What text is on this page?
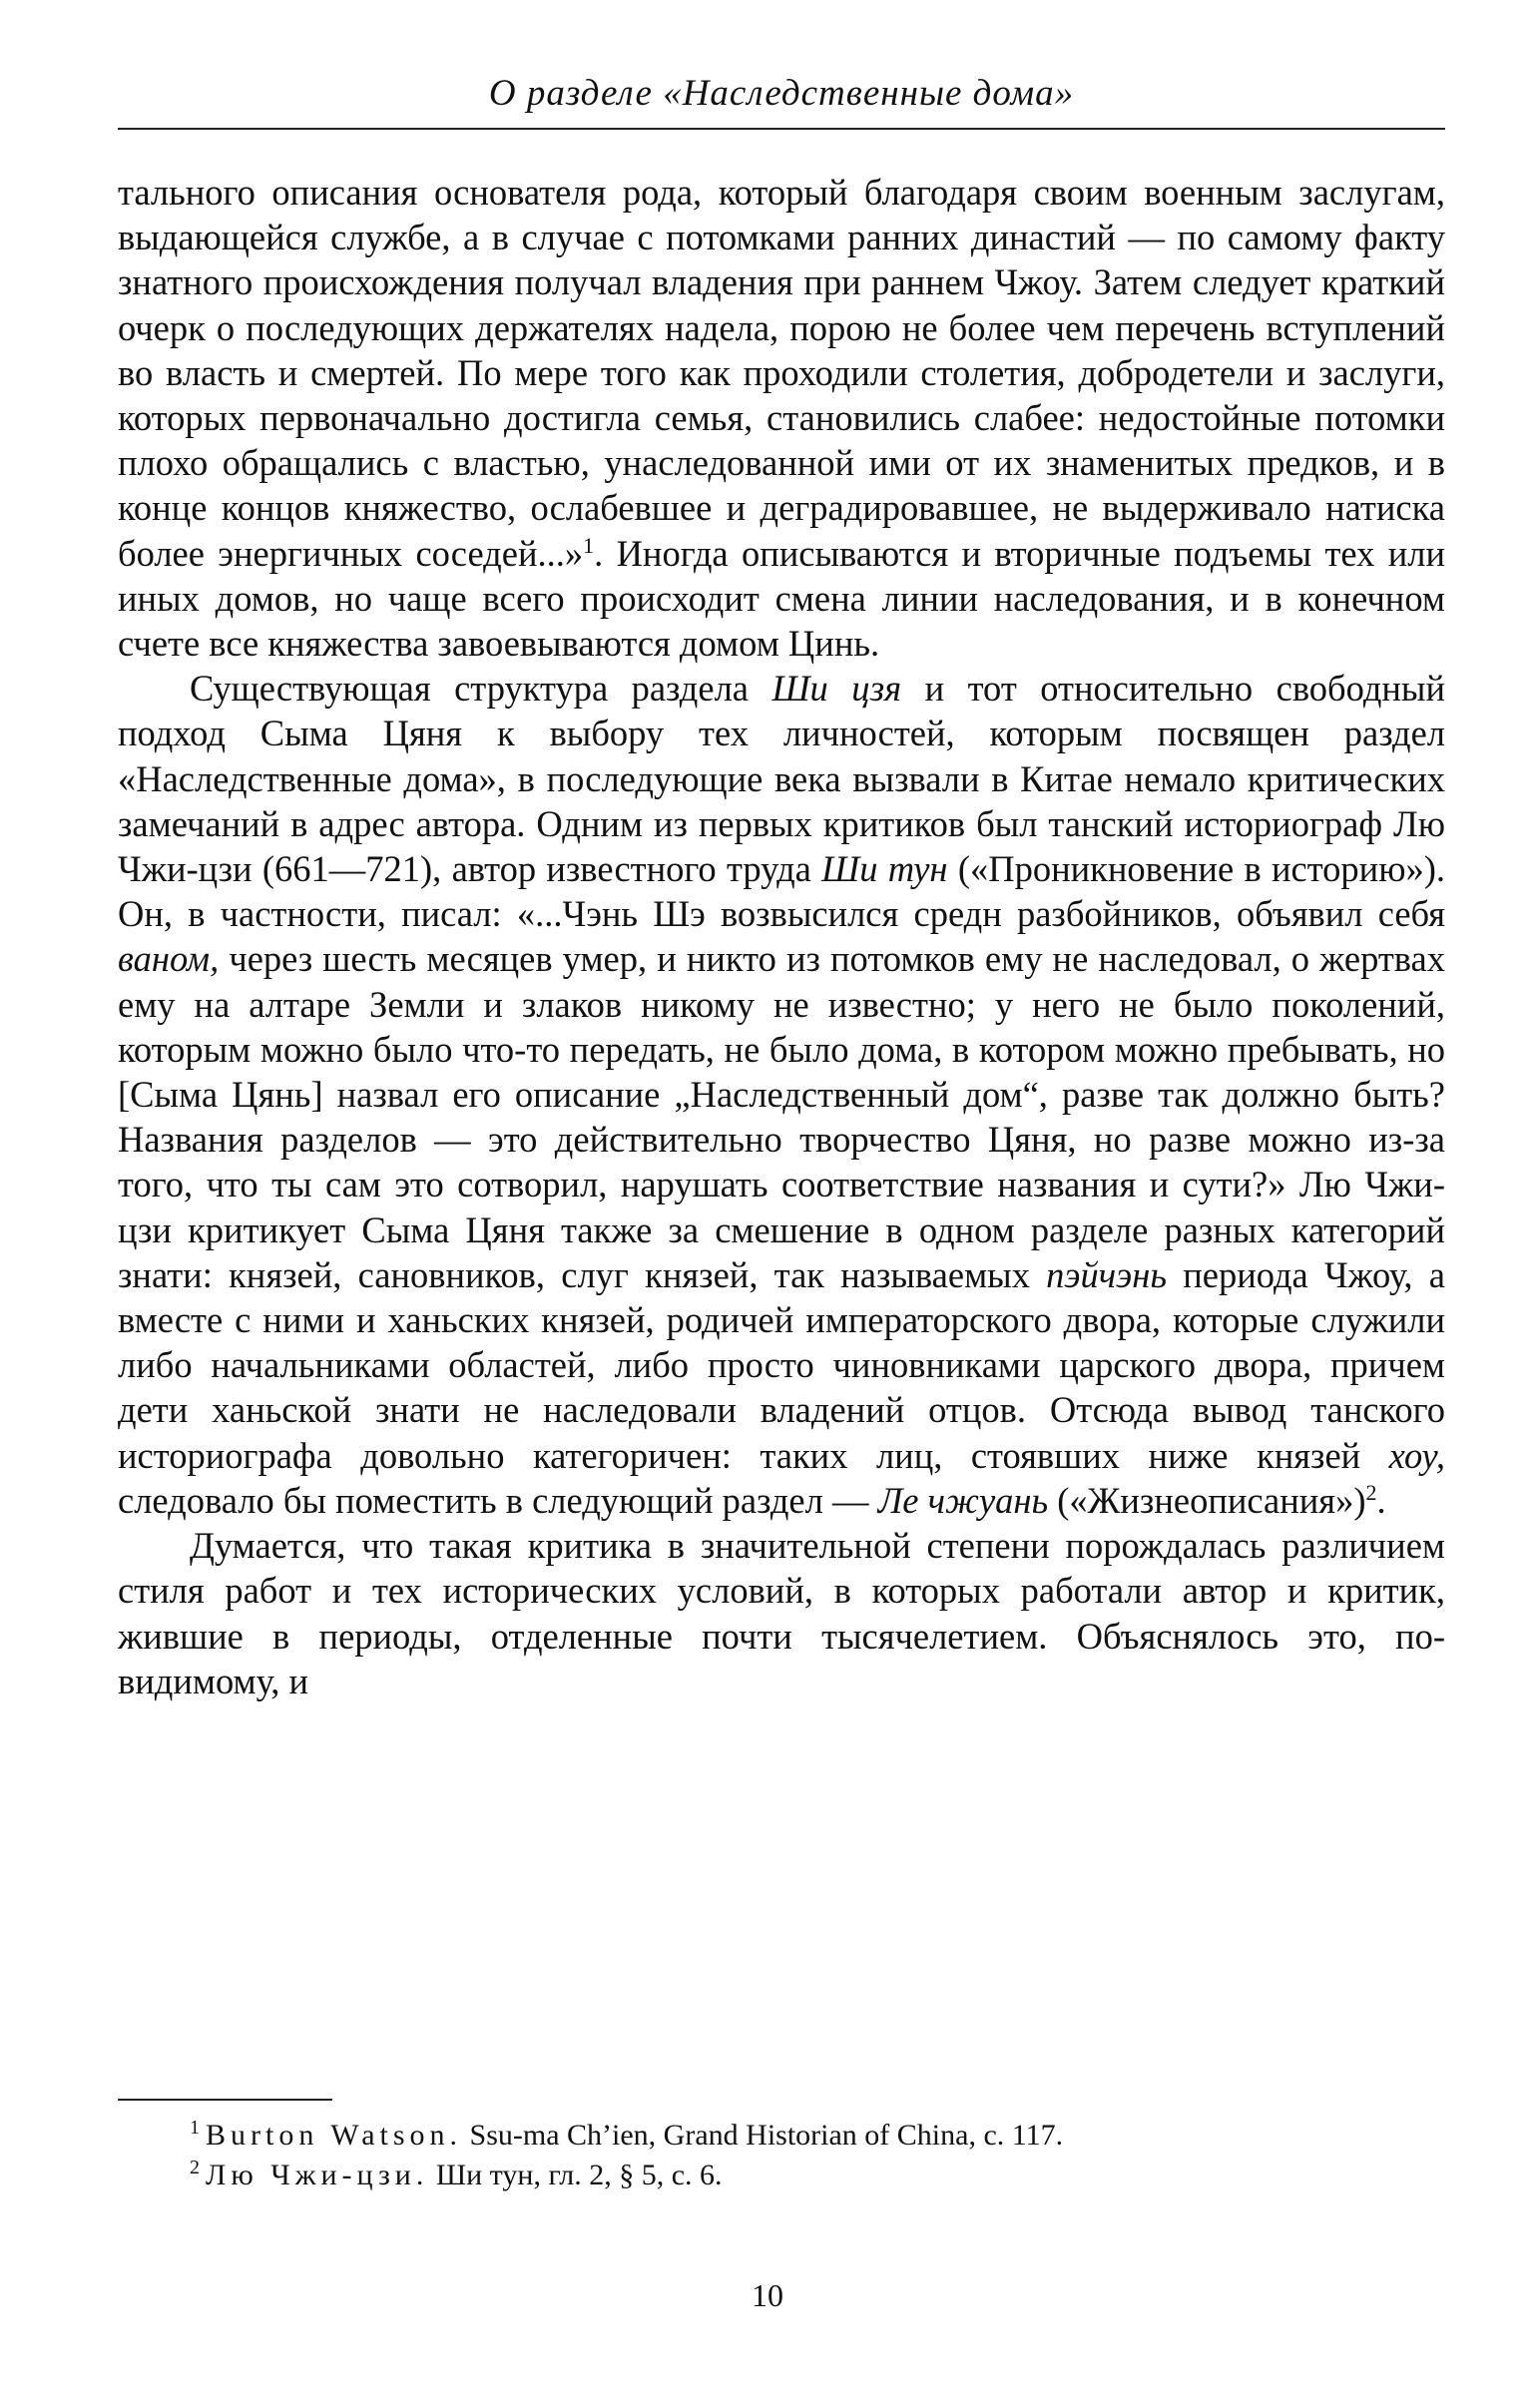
О разделе «Наследственные дома»

тального описания основателя рода, который благодаря своим военным заслугам, выдающейся службе, а в случае с потомками ранних династий — по самому факту знатного происхождения получал владения при раннем Чжоу. Затем следует краткий очерк о последующих держателях надела, порою не более чем перечень вступлений во власть и смертей. По мере того как проходили столетия, добродетели и заслуги, которых первоначально достигла семья, становились слабее: недостойные потомки плохо обращались с властью, унаследованной ими от их знаменитых предков, и в конце концов княжество, ослабевшее и деградировавшее, не выдерживало натиска более энергичных соседей...»$^1$. Иногда описываются и вторичные подъемы тех или иных домов, но чаще всего происходит смена линии наследования, и в конечном счете все княжества завоевываются домом Цинь.

Существующая структура раздела Ши цзя и тот относительно свободный подход Сыма Цяня к выбору тех личностей, которым посвящен раздел «Наследственные дома», в последующие века вызвали в Китае немало критических замечаний в адрес автора. Одним из первых критиков был танский историограф Лю Чжи-цзи (661—721), автор известного труда Ши тун («Проникновение в историю»). Он, в частности, писал: «...Чэнь Шэ возвысился средн разбойников, объявил себя ваном, через шесть месяцев умер, и никто из потомков ему не наследовал, о жертвах ему на алтаре Земли и злаков никому не известно; у него не было поколений, которым можно было что-то передать, не было дома, в котором можно пребывать, но [Сыма Цянь] назвал его описание „Наследственный дом“, разве так должно быть? Названия разделов — это действительно творчество Цяня, но разве можно из-за того, что ты сам это сотворил, нарушать соответствие названия и сути?» Лю Чжи-цзи критикует Сыма Цяня также за смешение в одном разделе разных категорий знати: князей, сановников, слуг князей, так называемых пэйчэнь периода Чжоу, а вместе с ними и ханьских князей, родичей императорского двора, которые служили либо начальниками областей, либо просто чиновниками царского двора, причем дети ханьской знати не наследовали владений отцов. Отсюда вывод танского историографа довольно категоричен: таких лиц, стоявших ниже князей хоу, следовало бы поместить в следующий раздел — Ле чжуань («Жизнеописания»)$^2$.

Думается, что такая критика в значительной степени порождалась различием стиля работ и тех исторических условий, в которых работали автор и критик, жившие в периоды, отделенные почти тысячелетием. Объяснялось это, по-видимому, и

$^1$ Burton Watson. Ssu-ma Ch’ien, Grand Historian of China, с. 117.
$^2$ Лю Чжи-цзи. Ши тун, гл. 2, § 5, с. 6.
10
